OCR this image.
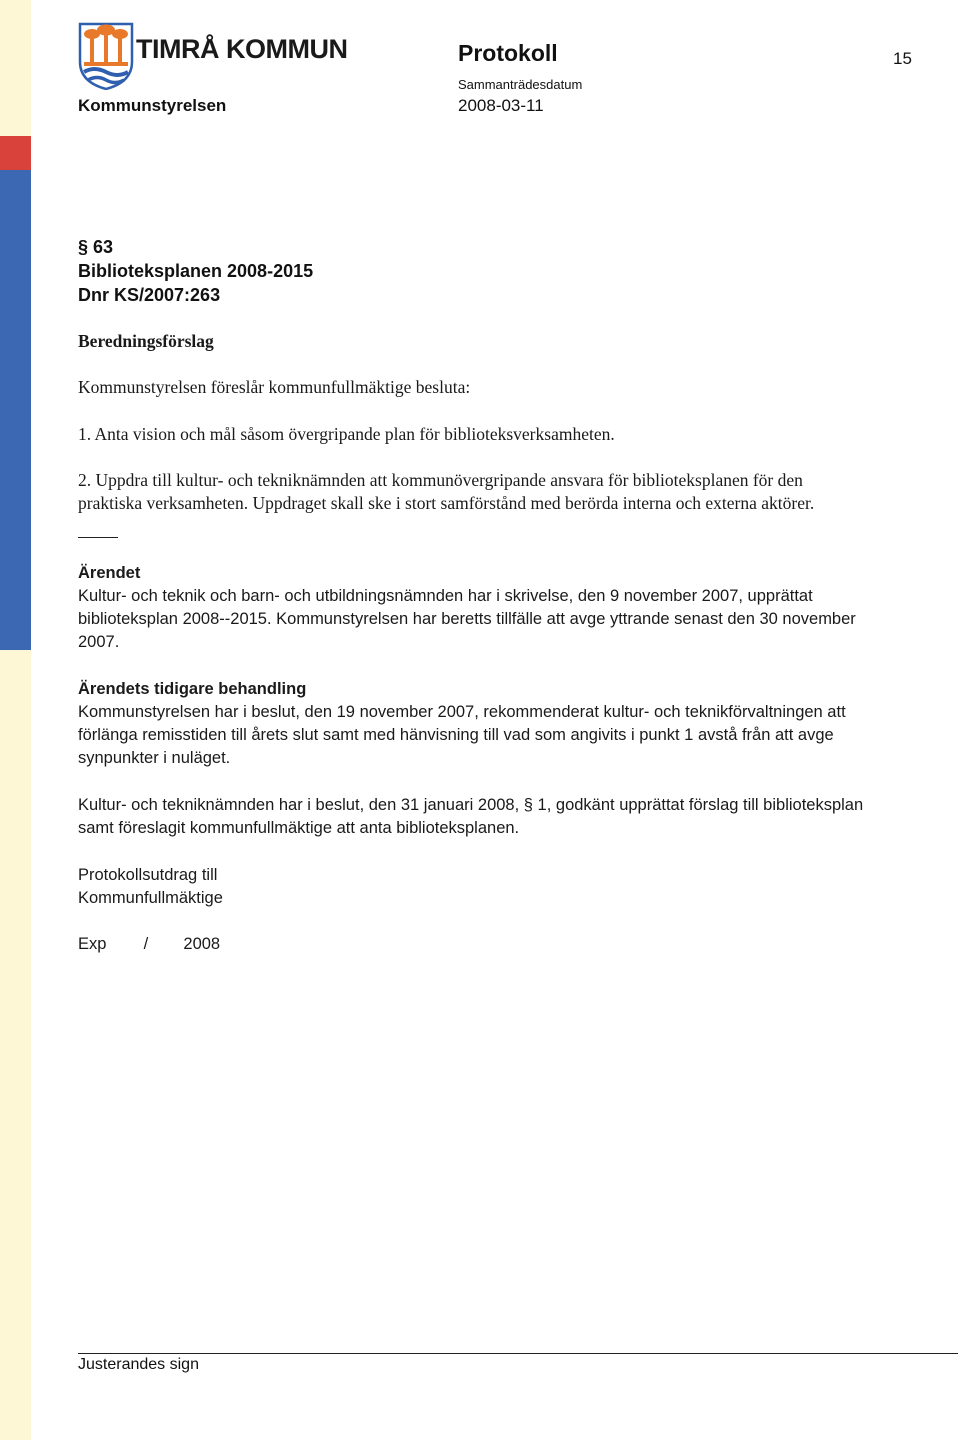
TIMRÅ KOMMUN	Protokoll	15
Sammanträdesdatum
Kommunstyrelsen	2008-03-11
§ 63
Biblioteksplanen 2008-2015
Dnr KS/2007:263
Beredningsförslag
Kommunstyrelsen föreslår kommunfullmäktige besluta:
1. Anta vision och mål såsom övergripande plan för biblioteksverksamheten.
2. Uppdra till kultur- och tekniknämnden att kommunövergripande ansvara för biblioteksplanen för den
praktiska verksamheten. Uppdraget skall ske i stort samförstånd med berörda interna och externa aktörer.
Ärendet
Kultur- och teknik och barn- och utbildningsnämnden har i skrivelse, den 9 november 2007, upprättat
biblioteksplan 2008--2015. Kommunstyrelsen har beretts tillfälle att avge yttrande senast den 30 november
2007.
Ärendets tidigare behandling
Kommunstyrelsen har i beslut, den 19 november 2007, rekommenderat kultur- och teknikförvaltningen att
förlänga remisstiden till årets slut samt med hänvisning till vad som angivits i punkt 1 avstå från att avge
synpunkter i nuläget.
Kultur- och tekniknämnden har i beslut, den 31 januari 2008, § 1, godkänt upprättat förslag till biblioteksplan
samt föreslagit kommunfullmäktige att anta biblioteksplanen.
Protokollsutdrag till
Kommunfullmäktige
Exp / 2008
Justerandes sign
